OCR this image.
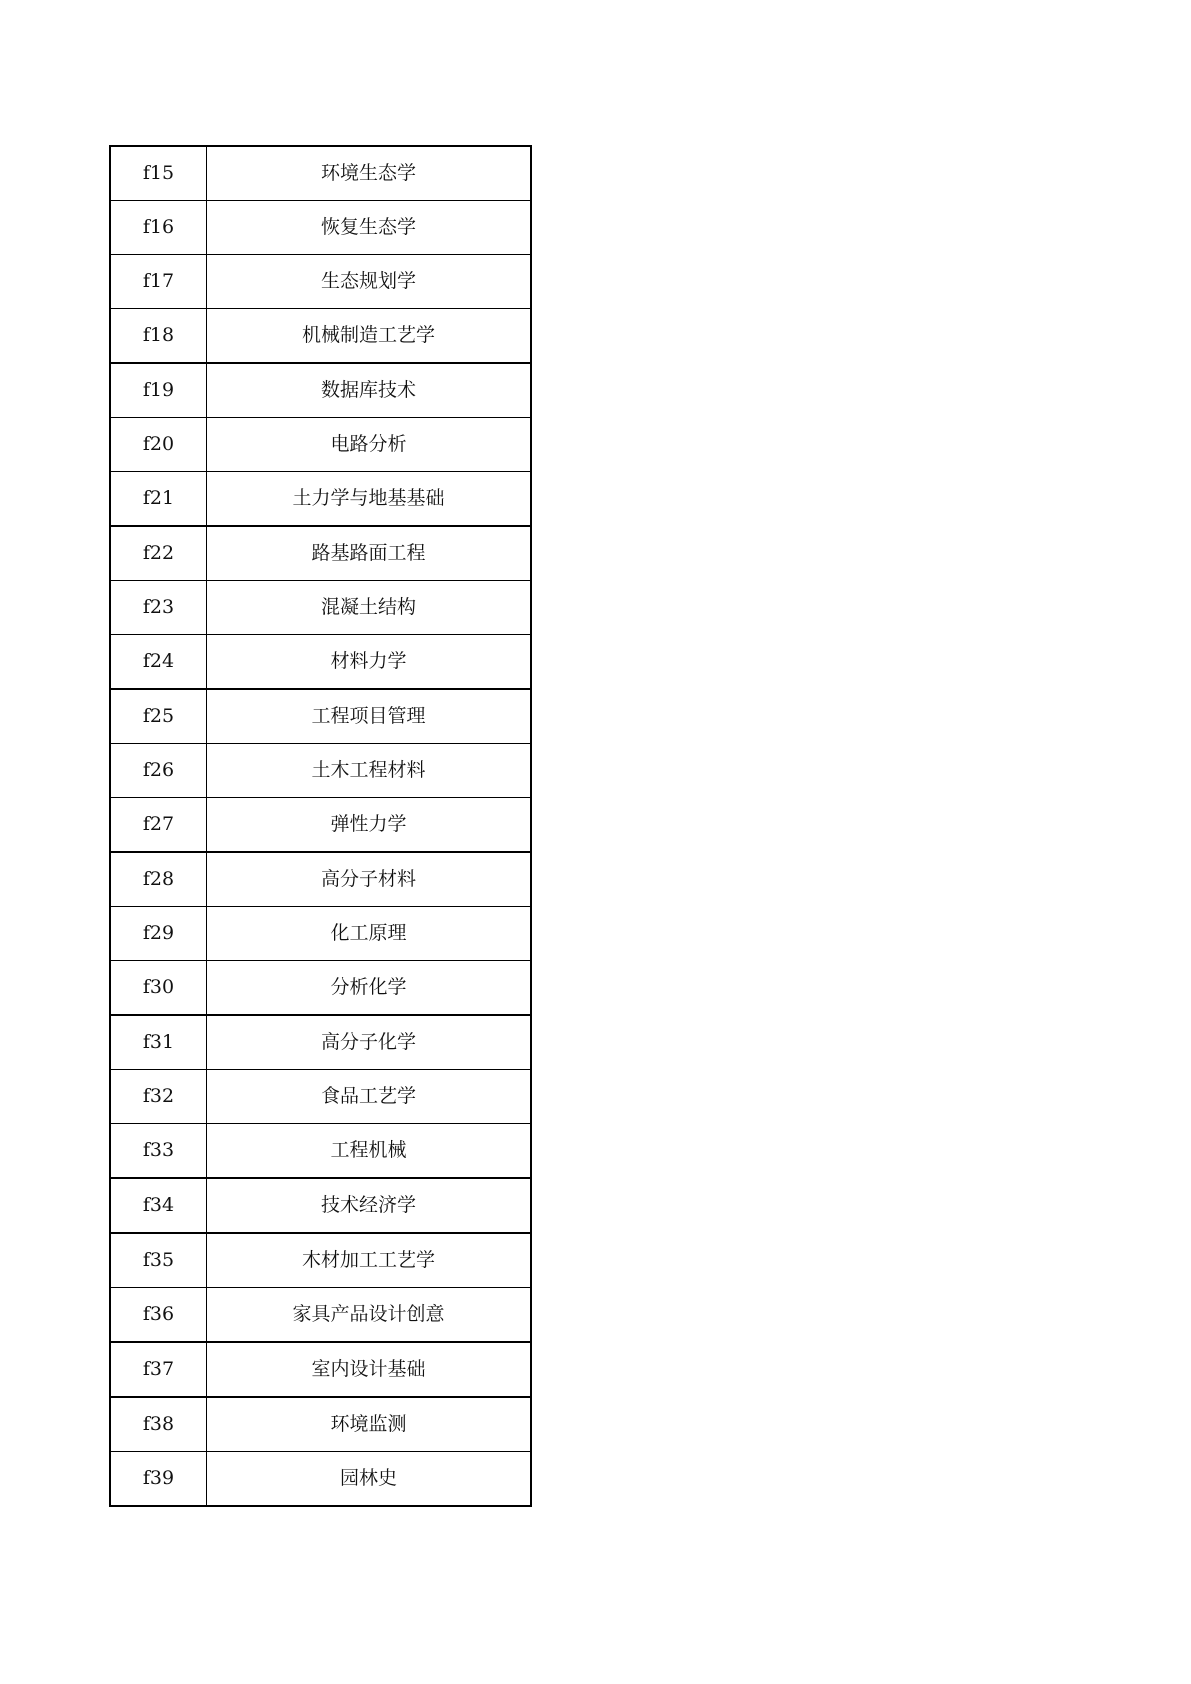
f15	环境生态学
f16	恢复生态学
f17	生态规划学
f18	机械制造工艺学
f19	数据库技术
f20	电路分析
f21	土力学与地基基础
f22	路基路面工程
f23	混凝土结构
f24	材料力学
f25	工程项目管理
f26	土木工程材料
f27	弹性力学
f28	高分子材料
f29	化工原理
f30	分析化学
f31	高分子化学
f32	食品工艺学
f33	工程机械
f34	技术经济学
f35	木材加工工艺学
f36	家具产品设计创意
f37	室内设计基础
f38	环境监测
f39	园林史
